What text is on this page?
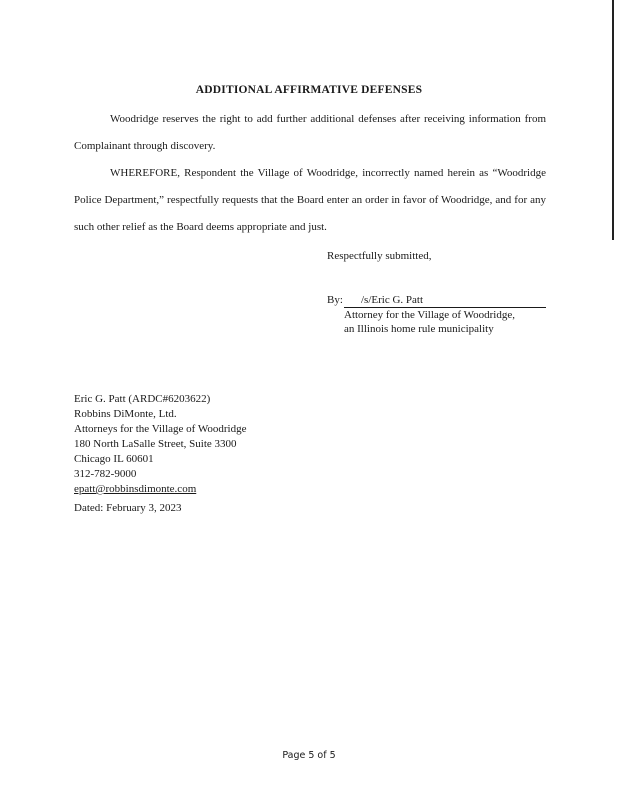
ADDITIONAL AFFIRMATIVE DEFENSES

Woodridge reserves the right to add further additional defenses after receiving information from Complainant through discovery.

WHEREFORE, Respondent the Village of Woodridge, incorrectly named herein as “Woodridge Police Department,” respectfully requests that the Board enter an order in favor of Woodridge, and for any such other relief as the Board deems appropriate and just.

Respectfully submitted,
By:	/s/Eric G. Patt
Attorney for the Village of Woodridge,
an Illinois home rule municipality
Eric G. Patt (ARDC#6203622)
Robbins DiMonte, Ltd.
Attorneys for the Village of Woodridge
180 North LaSalle Street, Suite 3300
Chicago IL 60601
312-782-9000
epatt@robbinsdimonte.com
Dated: February 3, 2023
Page 5 of 5
